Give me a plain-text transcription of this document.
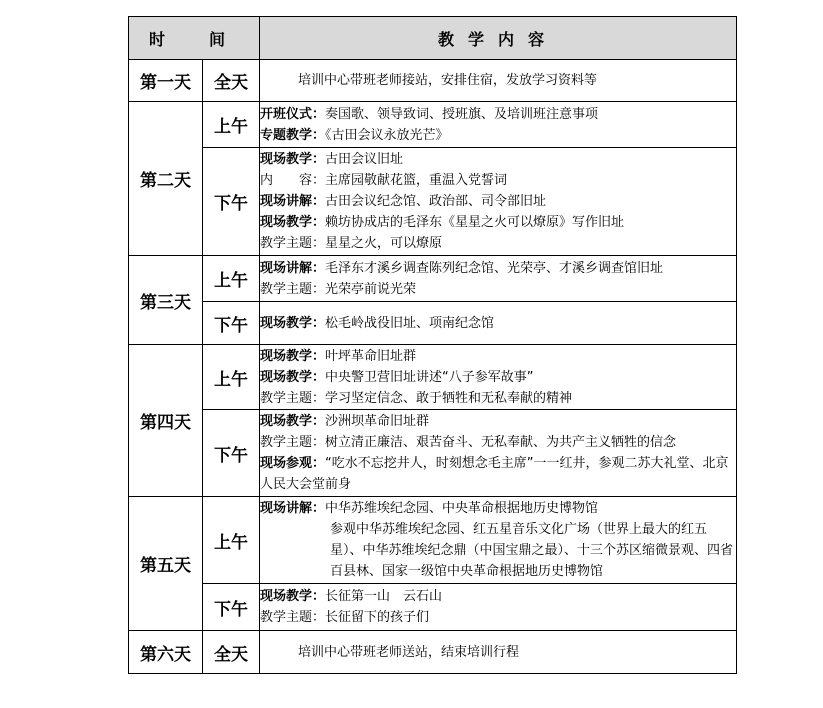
时　间		教学内容
第一天	全天	培训中心带班老师接站，安排住宿，发放学习资料等

第二天	上午	开班仪式：奏国歌、领导致词、授班旗、及培训班注意事项
专题教学：《古田会议永放光芒》

	下午	现场教学：古田会议旧址
内　　容：主席园敬献花篮，重温入党誓词
现场讲解：古田会议纪念馆、政治部、司令部旧址
现场教学：赖坊协成店的毛泽东《星星之火可以燎原》写作旧址
教学主题：星星之火，可以燎原

第三天	上午	现场讲解：毛泽东才溪乡调查陈列纪念馆、光荣亭、才溪乡调查馆旧址
教学主题：光荣亭前说光荣

	下午	现场教学：松毛岭战役旧址、项南纪念馆

第四天	上午	现场教学：叶坪革命旧址群
现场教学：中央警卫营旧址讲述“八子参军故事”
教学主题：学习坚定信念、敢于牺牲和无私奉献的精神

	下午	现场教学：沙洲坝革命旧址群
教学主题：树立清正廉洁、艰苦奋斗、无私奉献、为共产主义牺牲的信念
现场参观：“吃水不忘挖井人，时刻想念毛主席”一一红井，参观二苏大礼堂、北京人民大会堂前身

第五天	上午	现场讲解：中华苏维埃纪念园、中央革命根据地历史博物馆
参观中华苏维埃纪念园、红五星音乐文化广场（世界上最大的红五星）、中华苏维埃纪念鼎（中国宝鼎之最）、十三个苏区缩微景观、四省百县林、国家一级馆中央革命根据地历史博物馆

	下午	现场教学：长征第一山　云石山
教学主题：长征留下的孩子们

第六天	全天	培训中心带班老师送站，结束培训行程
